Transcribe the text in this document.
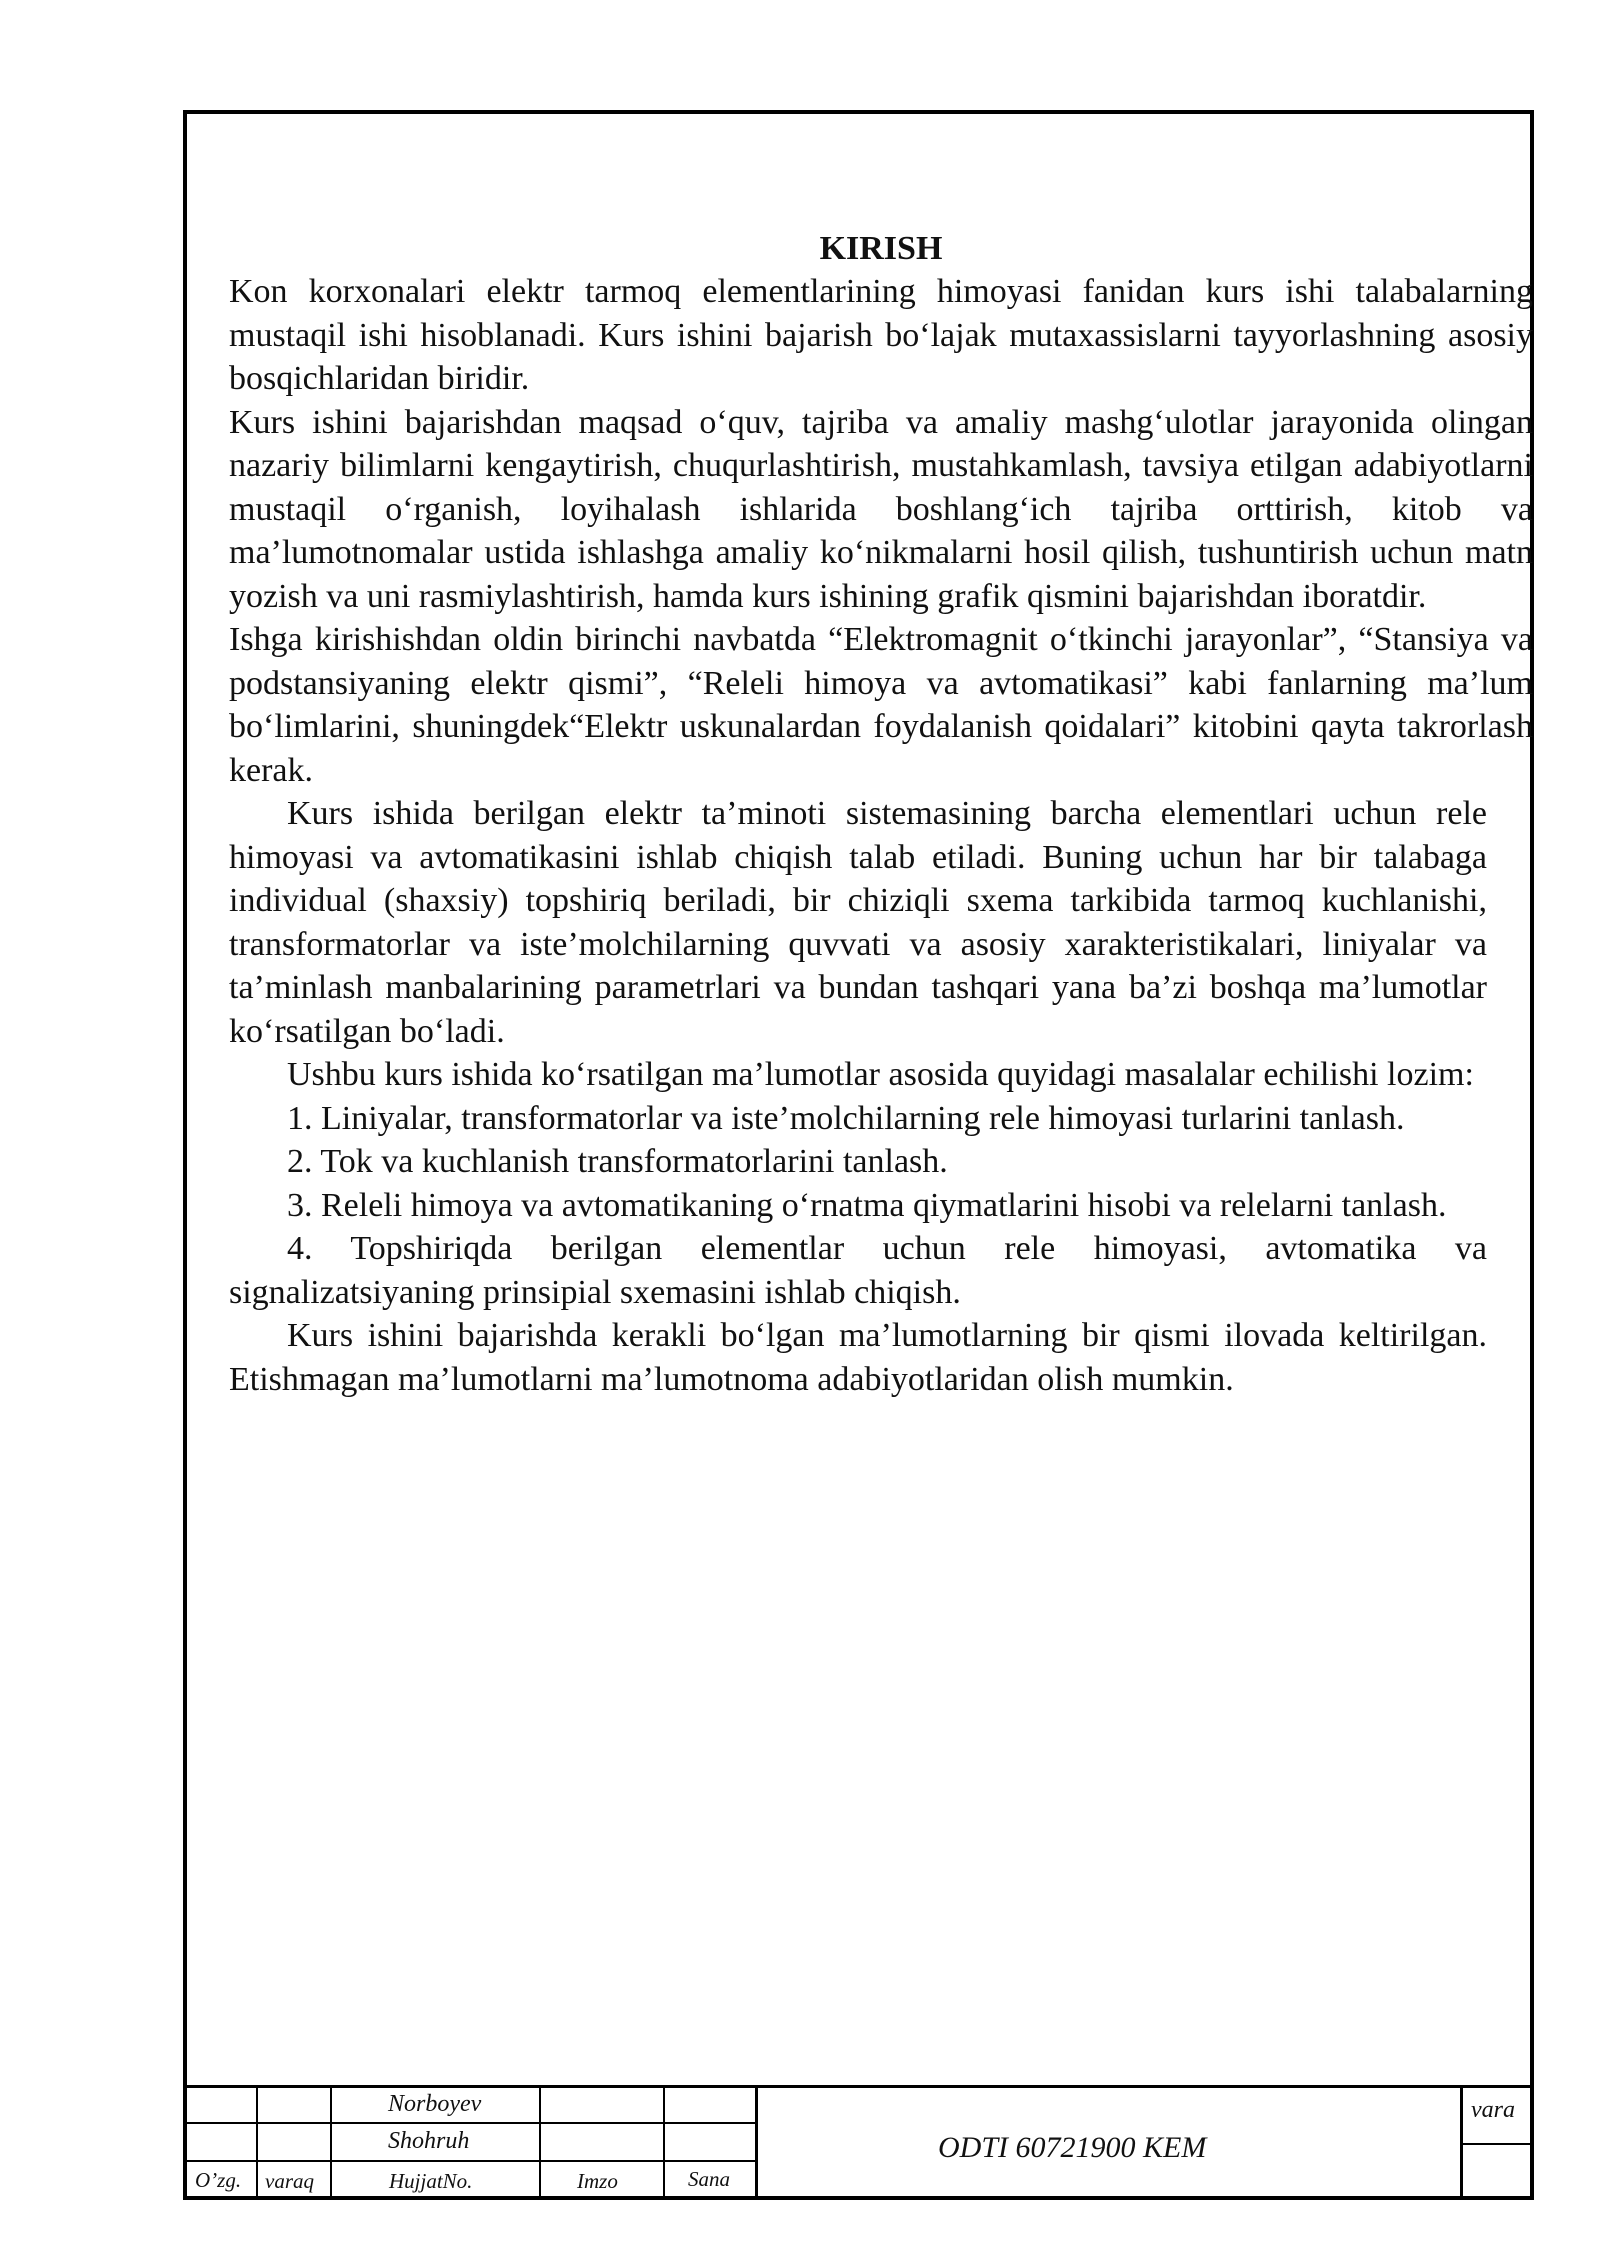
KIRISH

Kon korxonalari elektr tarmoq elementlarining himoyasi fanidan kurs ishi talabalarning mustaqil ishi hisoblanadi. Kurs ishini bajarish bo‘lajak mutaxassislarni tayyorlashning asosiy bosqichlaridan biridir.

Kurs ishini bajarishdan maqsad o‘quv, tajriba va amaliy mashg‘ulotlar jarayonida olingan nazariy bilimlarni kengaytirish, chuqurlashtirish, mustahkamlash, tavsiya etilgan adabiyotlarni mustaqil o‘rganish, loyihalash ishlarida boshlang‘ich tajriba orttirish, kitob va ma’lumotnomalar ustida ishlashga amaliy ko‘nikmalarni hosil qilish, tushuntirish uchun matn yozish va uni rasmiylashtirish, hamda kurs ishining grafik qismini bajarishdan iboratdir.

Ishga kirishishdan oldin birinchi navbatda “Elektromagnit o‘tkinchi jarayonlar”, “Stansiya va podstansiyaning elektr qismi”, “Releli himoya va avtomatikasi” kabi fanlarning ma’lum bo‘limlarini, shuningdek“Elektr uskunalardan foydalanish qoidalari” kitobini qayta takrorlash kerak.

Kurs ishida berilgan elektr ta’minoti sistemasining barcha elementlari uchun rele himoyasi va avtomatikasini ishlab chiqish talab etiladi. Buning uchun har bir talabaga individual (shaxsiy) topshiriq beriladi, bir chiziqli sxema tarkibida tarmoq kuchlanishi, transformatorlar va iste’molchilarning quvvati va asosiy xarakteristikalari, liniyalar va ta’minlash manbalarining parametrlari va bundan tashqari yana ba’zi boshqa ma’lumotlar ko‘rsatilgan bo‘ladi.

Ushbu kurs ishida ko‘rsatilgan ma’lumotlar asosida quyidagi masalalar echilishi lozim:

1. Liniyalar, transformatorlar va iste’molchilarning rele himoyasi turlarini tanlash.

2. Tok va kuchlanish transformatorlarini tanlash.

3. Releli himoya va avtomatikaning o‘rnatma qiymatlarini hisobi va relelarni tanlash.

4. Topshiriqda berilgan elementlar uchun rele himoyasi, avtomatika va signalizatsiyaning prinsipial sxemasini ishlab chiqish.

Kurs ishini bajarishda kerakli bo‘lgan ma’lumotlarning bir qismi ilovada keltirilgan. Etishmagan ma’lumotlarni ma’lumotnoma adabiyotlaridan olish mumkin.

Norboyev
Shohruh
O’zg. varaq	HujjatNo.	Imzo	Sana
ODTI 60721900 KEM
vara
